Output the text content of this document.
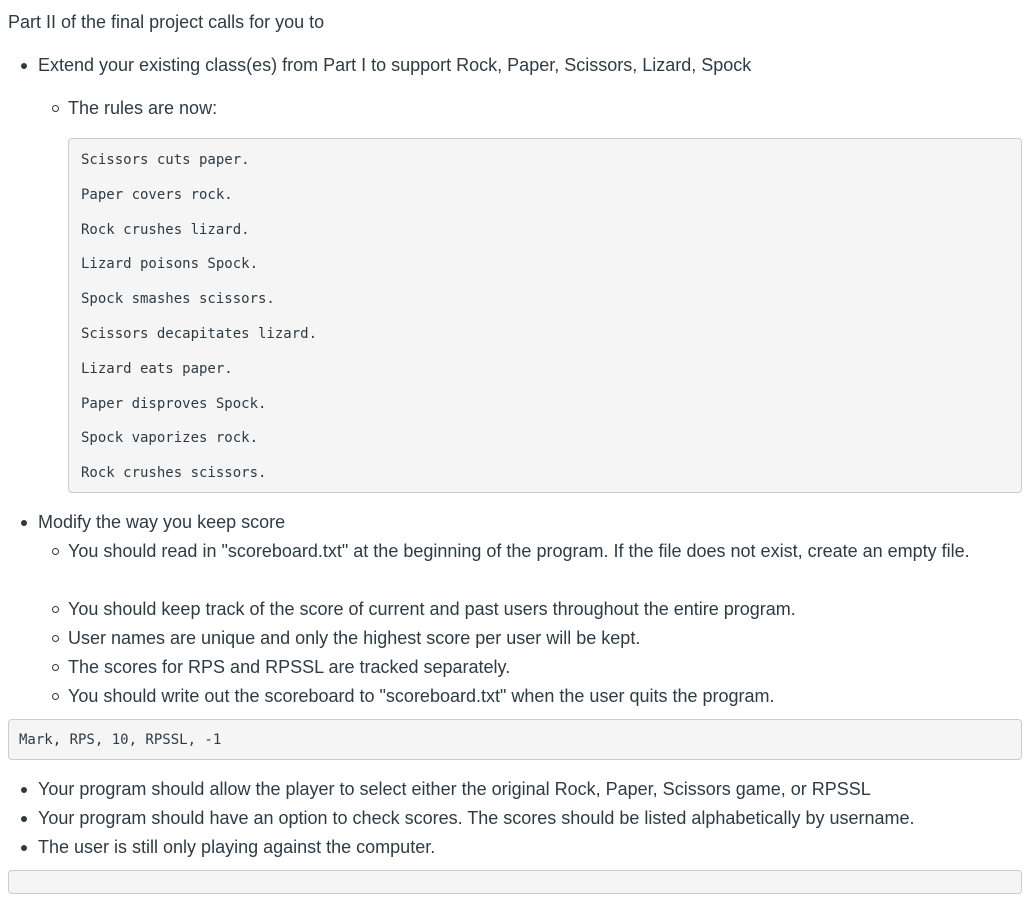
Part II of the final project calls for you to

Extend your existing class(es) from Part I to support Rock, Paper, Scissors, Lizard, Spock
The rules are now:
Scissors cuts paper.
Paper covers rock.
Rock crushes lizard.
Lizard poisons Spock.
Spock smashes scissors.
Scissors decapitates lizard.
Lizard eats paper.
Paper disproves Spock.
Spock vaporizes rock.
Rock crushes scissors.
Modify the way you keep score
You should read in "scoreboard.txt" at the beginning of the program. If the file does not exist, create an empty file.
You should keep track of the score of current and past users throughout the entire program.
User names are unique and only the highest score per user will be kept.
The scores for RPS and RPSSL are tracked separately.
You should write out the scoreboard to "scoreboard.txt" when the user quits the program.
Mark, RPS, 10, RPSSL, -1
Your program should allow the player to select either the original Rock, Paper, Scissors game, or RPSSL
Your program should have an option to check scores. The scores should be listed alphabetically by username.
The user is still only playing against the computer.
